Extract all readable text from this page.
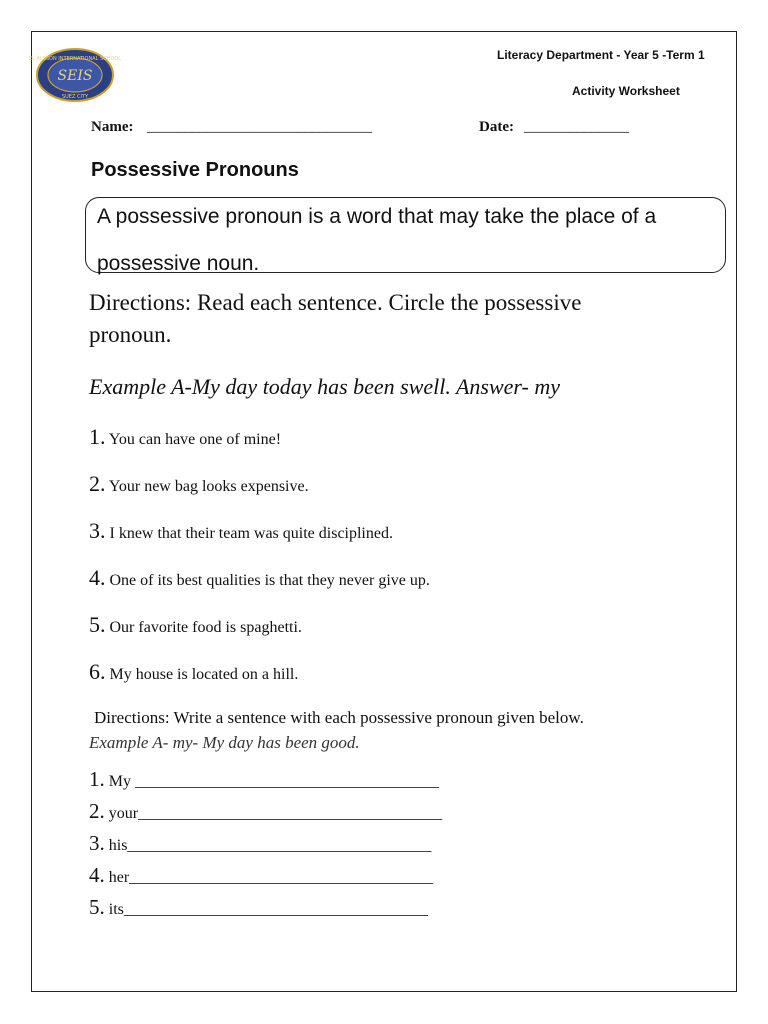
EL ALSSON INTERNATIONAL SCHOOL
SEIS
SUEZ CITY
Literacy Department - Year 5 -Term 1
Activity Worksheet
Name: ______________________________	Date: ______________
Possessive Pronouns
A possessive pronoun is a word that may take the place of a
possessive noun.
Directions: Read each sentence. Circle the possessive
pronoun.
Example A-My day today has been swell. Answer- my
1. You can have one of mine!
2. Your new bag looks expensive.
3. I knew that their team was quite disciplined.
4. One of its best qualities is that they never give up.
5. Our favorite food is spaghetti.
6. My house is located on a hill.
Directions: Write a sentence with each possessive pronoun given below.
Example A- my- My day has been good.
1. My ______________________________________
2. your______________________________________
3. his______________________________________
4. her______________________________________
5. its______________________________________
